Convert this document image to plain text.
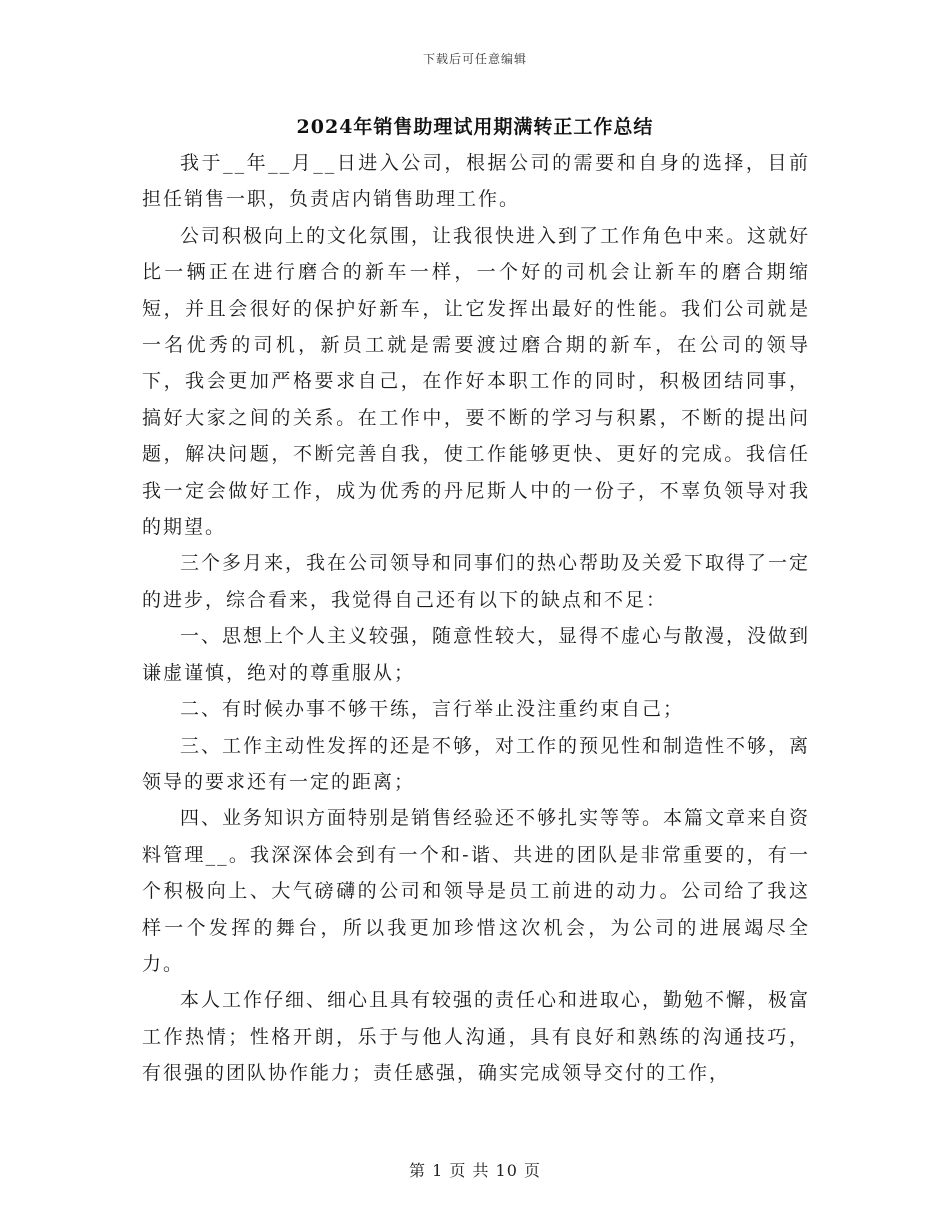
下载后可任意编辑
2024年销售助理试用期满转正工作总结

我于__年__月__日进入公司，根据公司的需要和自身的选择，目前担任销售一职，负责店内销售助理工作。

公司积极向上的文化氛围，让我很快进入到了工作角色中来。这就好比一辆正在进行磨合的新车一样，一个好的司机会让新车的磨合期缩短，并且会很好的保护好新车，让它发挥出最好的性能。我们公司就是一名优秀的司机，新员工就是需要渡过磨合期的新车，在公司的领导下，我会更加严格要求自己，在作好本职工作的同时，积极团结同事，搞好大家之间的关系。在工作中，要不断的学习与积累，不断的提出问题，解决问题，不断完善自我，使工作能够更快、更好的完成。我信任我一定会做好工作，成为优秀的丹尼斯人中的一份子，不辜负领导对我的期望。

三个多月来，我在公司领导和同事们的热心帮助及关爱下取得了一定的进步，综合看来，我觉得自己还有以下的缺点和不足：

一、思想上个人主义较强，随意性较大，显得不虚心与散漫，没做到谦虚谨慎，绝对的尊重服从；

二、有时候办事不够干练，言行举止没注重约束自己；

三、工作主动性发挥的还是不够，对工作的预见性和制造性不够，离领导的要求还有一定的距离；

四、业务知识方面特别是销售经验还不够扎实等等。本篇文章来自资料管理__。我深深体会到有一个和-谐、共进的团队是非常重要的，有一个积极向上、大气磅礴的公司和领导是员工前进的动力。公司给了我这样一个发挥的舞台，所以我更加珍惜这次机会，为公司的进展竭尽全力。

本人工作仔细、细心且具有较强的责任心和进取心，勤勉不懈，极富工作热情；性格开朗，乐于与他人沟通，具有良好和熟练的沟通技巧，有很强的团队协作能力；责任感强，确实完成领导交付的工作，

第 1 页 共 10 页
